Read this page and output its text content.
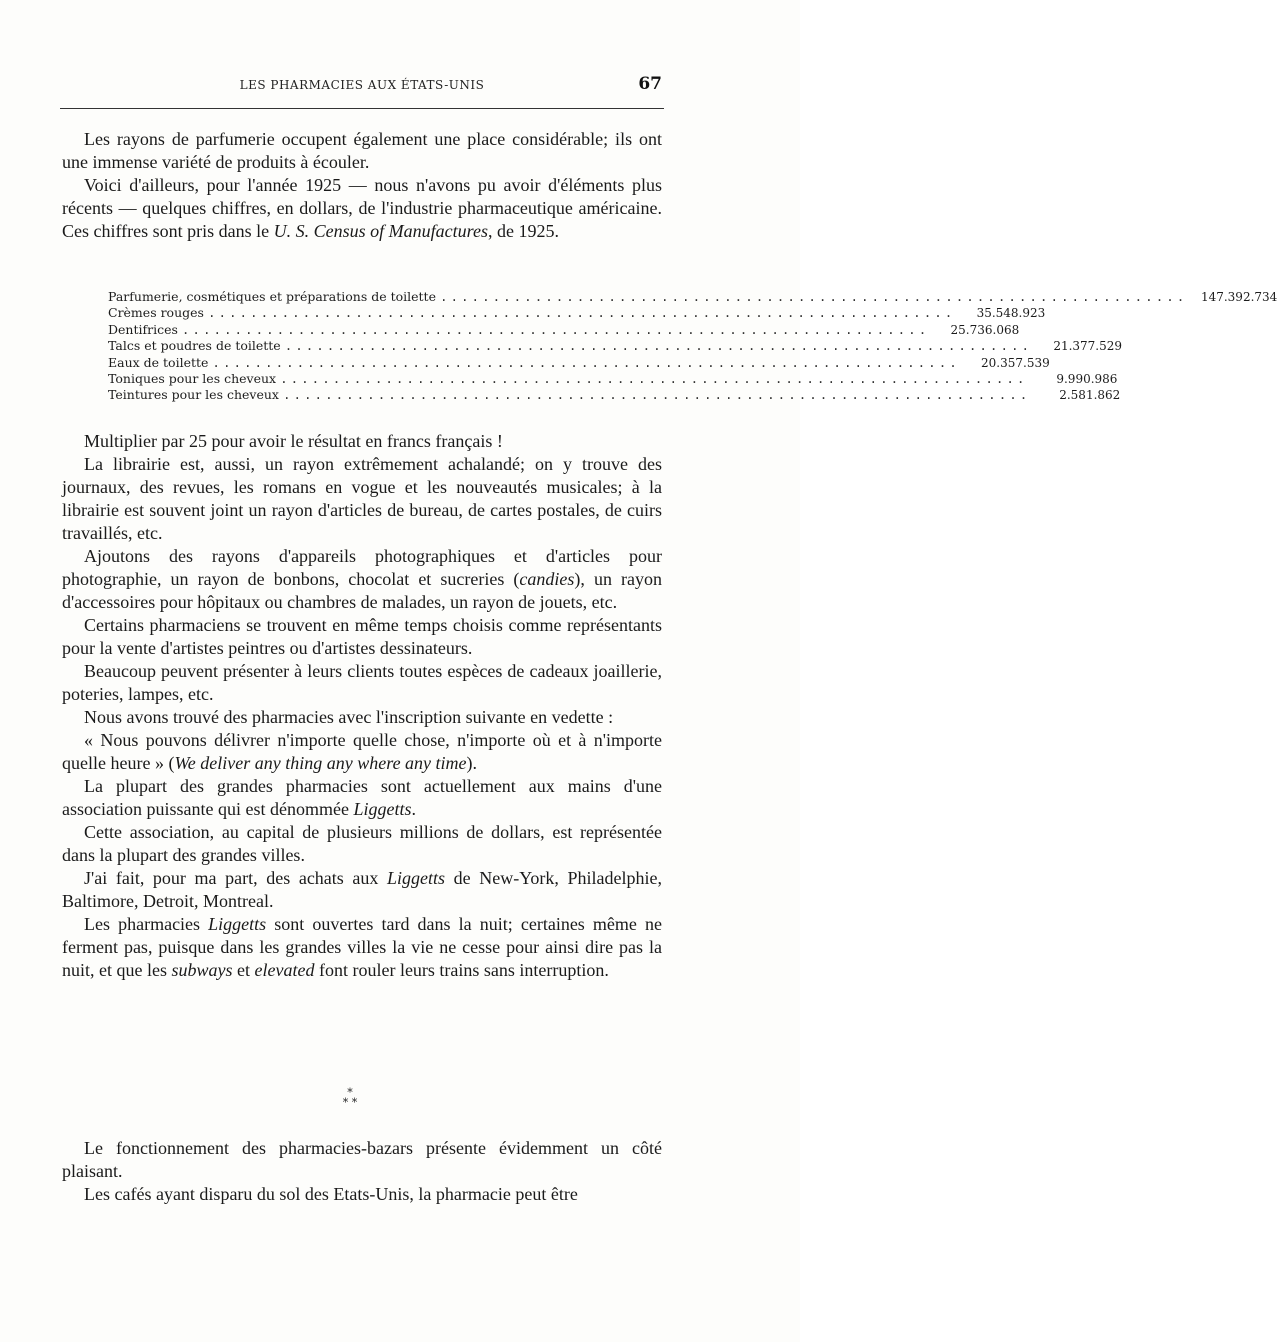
LES PHARMACIES AUX ÉTATS-UNIS	67

Les rayons de parfumerie occupent également une place considérable; ils ont une immense variété de produits à écouler.

Voici d'ailleurs, pour l'année 1925 — nous n'avons pu avoir d'éléments plus récents — quelques chiffres, en dollars, de l'industrie pharmaceutique américaine. Ces chiffres sont pris dans le U. S. Census of Manufactures, de 1925.

Parfumerie, cosmétiques et préparations de toilette .......................................................................	147.392.734
Crèmes rouges .......................................................................	35.548.923
Dentifrices .......................................................................	25.736.068
Talcs et poudres de toilette .......................................................................	21.377.529
Eaux de toilette .......................................................................	20.357.539
Toniques pour les cheveux .......................................................................	9.990.986
Teintures pour les cheveux .......................................................................	2.581.862

Multiplier par 25 pour avoir le résultat en francs français !

La librairie est, aussi, un rayon extrêmement achalandé; on y trouve des journaux, des revues, les romans en vogue et les nouveautés musicales; à la librairie est souvent joint un rayon d'articles de bureau, de cartes postales, de cuirs travaillés, etc.

Ajoutons des rayons d'appareils photographiques et d'articles pour photographie, un rayon de bonbons, chocolat et sucreries (candies), un rayon d'accessoires pour hôpitaux ou chambres de malades, un rayon de jouets, etc.

Certains pharmaciens se trouvent en même temps choisis comme représentants pour la vente d'artistes peintres ou d'artistes dessinateurs.

Beaucoup peuvent présenter à leurs clients toutes espèces de cadeaux joaillerie, poteries, lampes, etc.

Nous avons trouvé des pharmacies avec l'inscription suivante en vedette :

« Nous pouvons délivrer n'importe quelle chose, n'importe où et à n'importe quelle heure » (We deliver any thing any where any time).

La plupart des grandes pharmacies sont actuellement aux mains d'une association puissante qui est dénommée Liggetts.

Cette association, au capital de plusieurs millions de dollars, est représentée dans la plupart des grandes villes.

J'ai fait, pour ma part, des achats aux Liggetts de New-York, Philadelphie, Baltimore, Detroit, Montreal.

Les pharmacies Liggetts sont ouvertes tard dans la nuit; certaines même ne ferment pas, puisque dans les grandes villes la vie ne cesse pour ainsi dire pas la nuit, et que les subways et elevated font rouler leurs trains sans interruption.

*
* *

Le fonctionnement des pharmacies-bazars présente évidemment un côté plaisant.

Les cafés ayant disparu du sol des Etats-Unis, la pharmacie peut être
